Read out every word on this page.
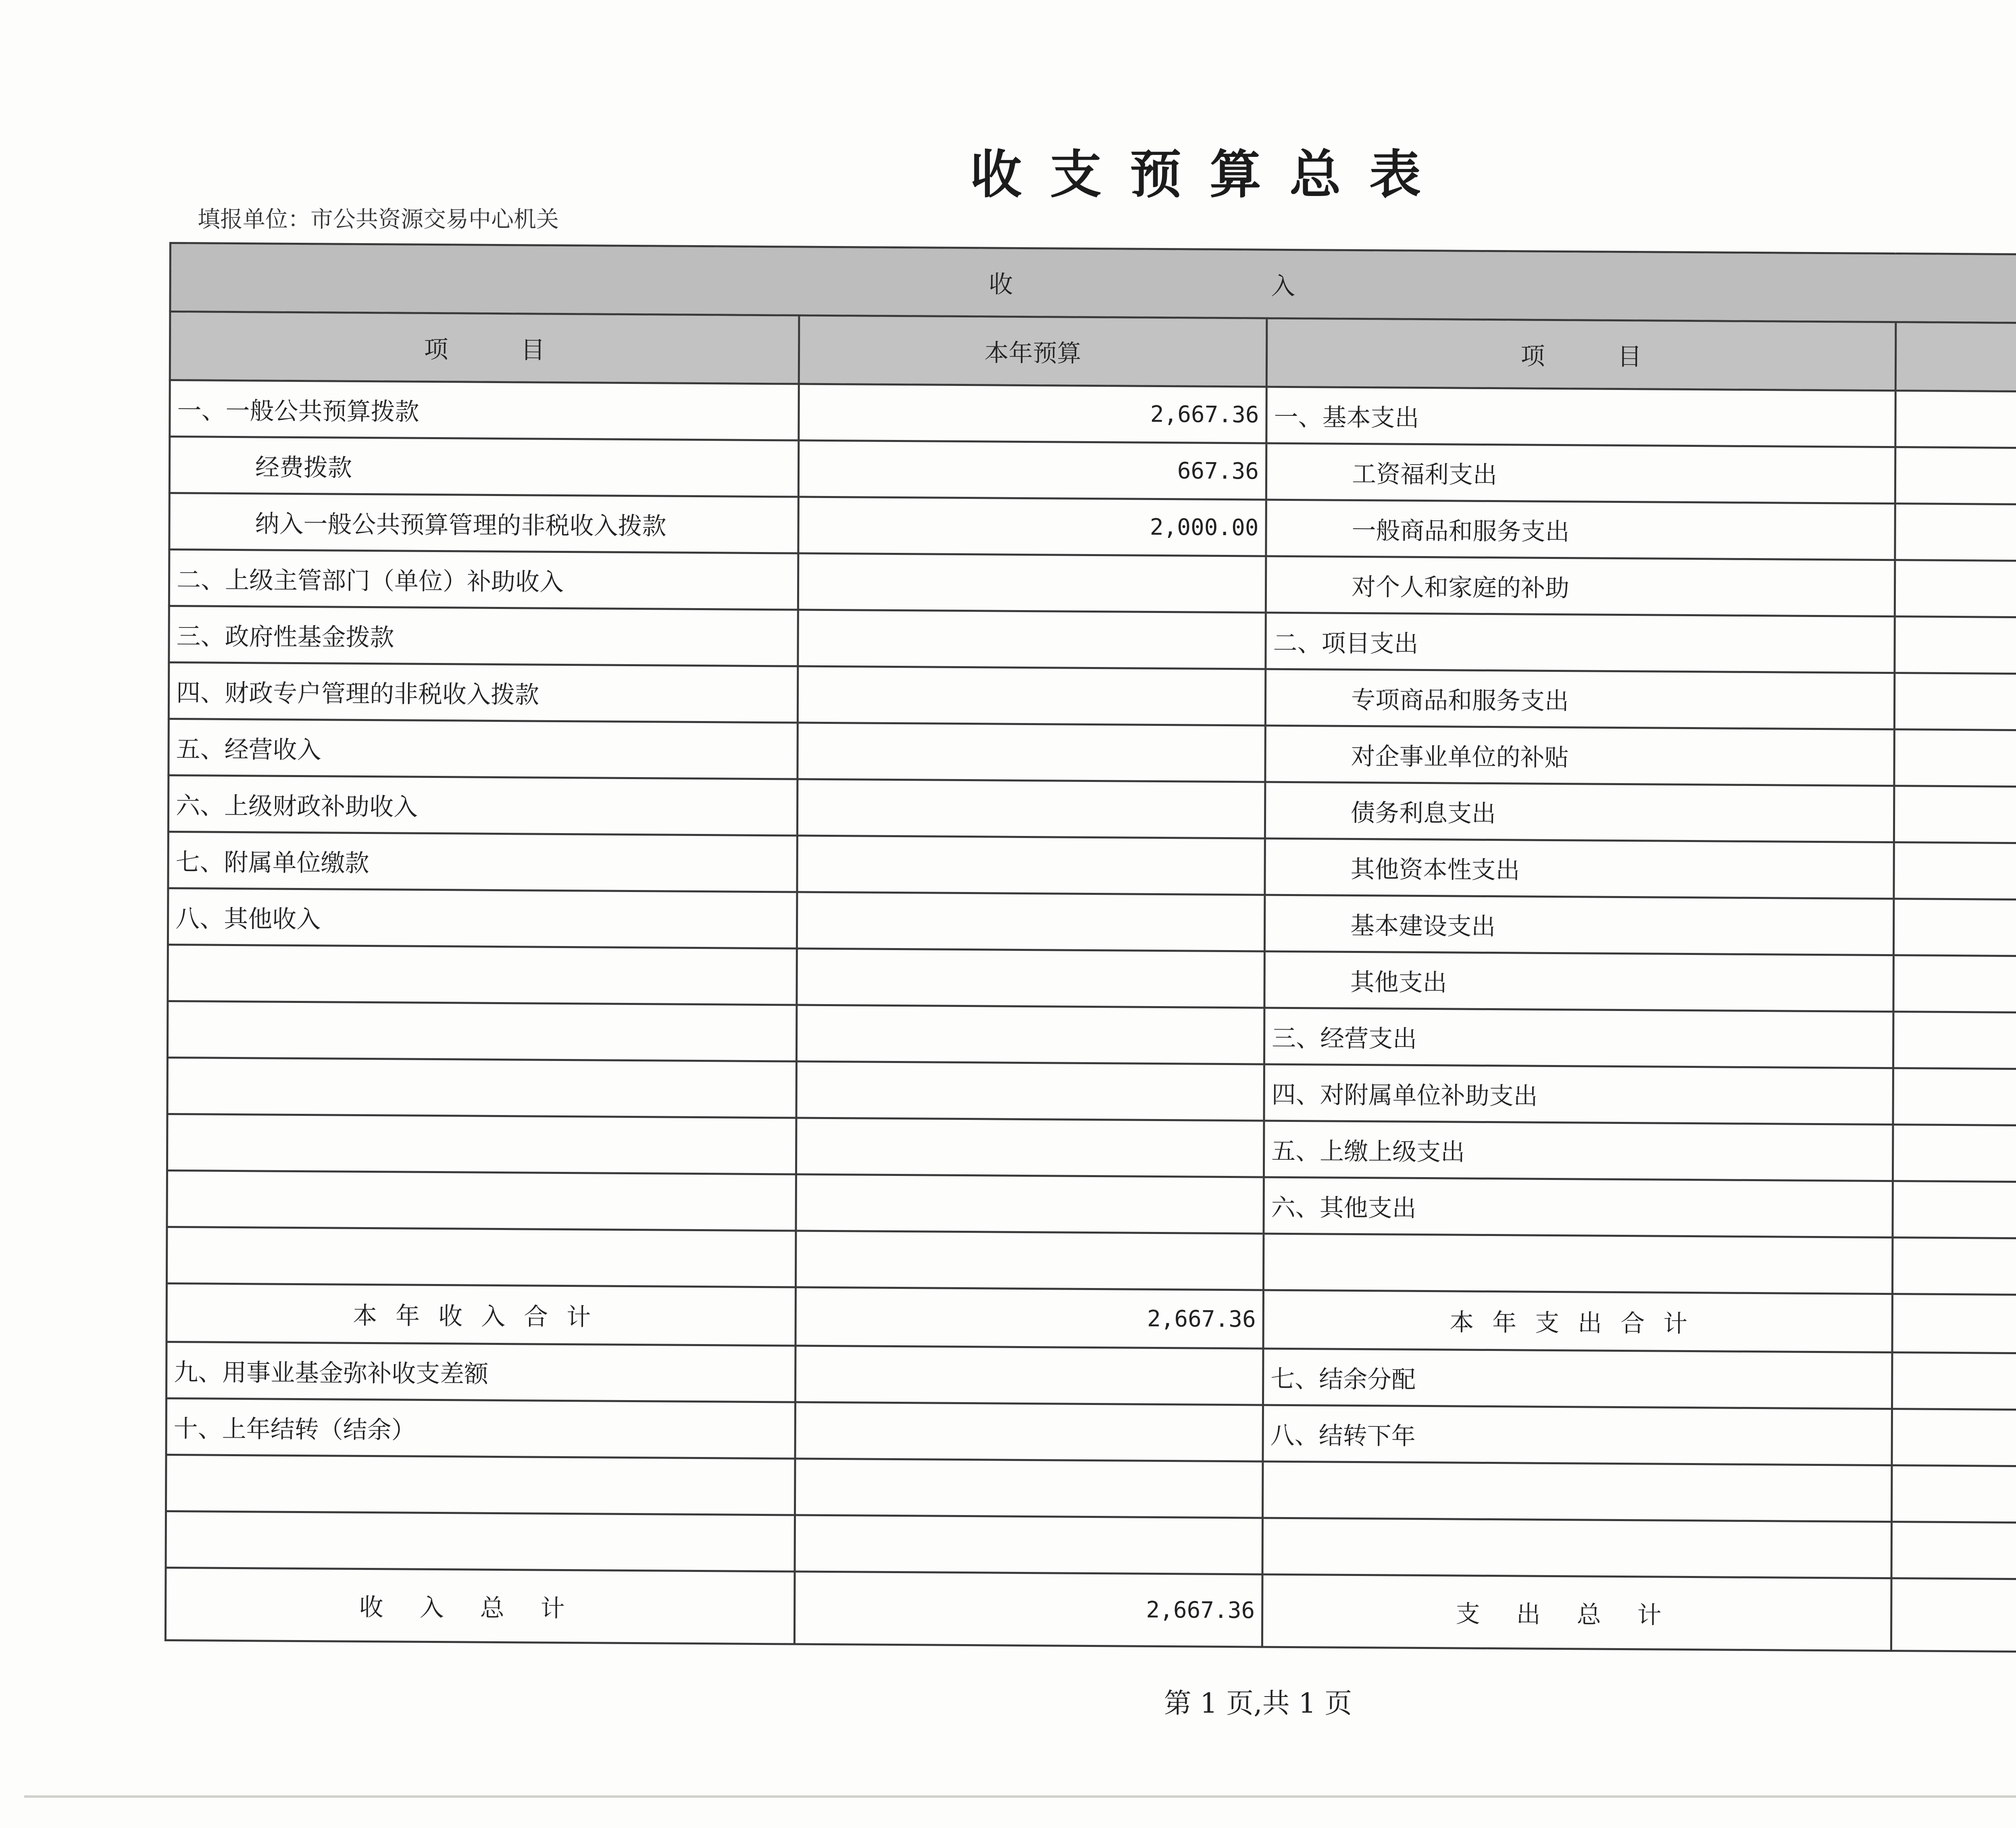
收支预算总表
填报单位：市公共资源交易中心机关
收入			
项　　　目	本年预算	项　　　目	
一、一般公共预算拨款	2,667.36	一、基本支出	
经费拨款	667.36	工资福利支出	
纳入一般公共预算管理的非税收入拨款	2,000.00	一般商品和服务支出	
二、上级主管部门（单位）补助收入		对个人和家庭的补助	
三、政府性基金拨款		二、项目支出	
四、财政专户管理的非税收入拨款		专项商品和服务支出	
五、经营收入		对企事业单位的补贴	
六、上级财政补助收入		债务利息支出	
七、附属单位缴款		其他资本性支出	
八、其他收入		基本建设支出	
		其他支出	
		三、经营支出	
		四、对附属单位补助支出	
		五、上缴上级支出	
		六、其他支出	

本年收入合计	2,667.36	本年支出合计	
九、用事业基金弥补收支差额		七、结余分配	
十、上年结转（结余）		八、结转下年	

收入总计	2,667.36	支出总计	
第 1 页,共 1 页
